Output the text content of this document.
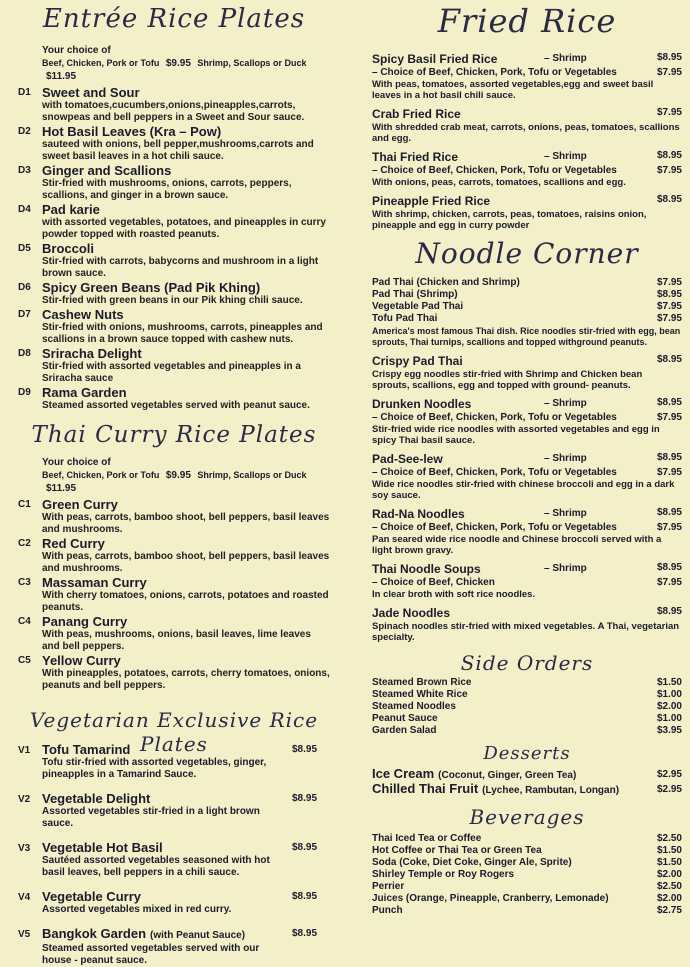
Entrée Rice Plates
Your choice of
Beef, Chicken, Pork or Tofu $9.95 Shrimp, Scallops or Duck $11.95
D1 Sweet and Sour
with tomatoes,cucumbers,onions,pineapples,carrots, snowpeas and bell peppers in a Sweet and Sour sauce.
D2 Hot Basil Leaves (Kra – Pow)
sauteed with onions, bell pepper,mushrooms,carrots and sweet basil leaves in a hot chili sauce.
D3 Ginger and Scallions
Stir-fried with mushrooms, onions, carrots, peppers, scallions, and ginger in a brown sauce.
D4 Pad karie
with assorted vegetables, potatoes, and pineapples in curry powder topped with roasted peanuts.
D5 Broccoli
Stir-fried with carrots, babycorns and mushroom in a light brown sauce.
D6 Spicy Green Beans (Pad Pik Khing)
Stir-fried with green beans in our Pik khing chili sauce.
D7 Cashew Nuts
Stir-fried with onions, mushrooms, carrots, pineapples and scallions in a brown sauce topped with cashew nuts.
D8 Sriracha Delight
Stir-fried with assorted vegetables and pineapples in a Sriracha sauce
D9 Rama Garden
Steamed assorted vegetables served with peanut sauce.
Thai Curry Rice Plates
Your choice of
Beef, Chicken, Pork or Tofu $9.95 Shrimp, Scallops or Duck $11.95
C1 Green Curry
With peas, carrots, bamboo shoot, bell peppers, basil leaves and mushrooms.
C2 Red Curry
With peas, carrots, bamboo shoot, bell peppers, basil leaves and mushrooms.
C3 Massaman Curry
With cherry tomatoes, onions, carrots, potatoes and roasted peanuts.
C4 Panang Curry
With peas, mushrooms, onions, basil leaves, lime leaves and bell peppers.
C5 Yellow Curry
With pineapples, potatoes, carrots, cherry tomatoes, onions, peanuts and bell peppers.
Vegetarian Exclusive Rice Plates
V1 Tofu Tamarind
Tofu stir-fried with assorted vegetables, ginger, pineapples in a Tamarind Sauce.
$8.95
V2 Vegetable Delight
Assorted vegetables stir-fried in a light brown sauce.
$8.95
V3 Vegetable Hot Basil
Sautéed assorted vegetables seasoned with hot basil leaves, bell peppers in a chili sauce.
$8.95
V4 Vegetable Curry
Assorted vegetables mixed in red curry.
$8.95
V5 Bangkok Garden (with Peanut Sauce)
Steamed assorted vegetables served with our house - peanut sauce.
$8.95
Fried Rice
Spicy Basil Fried Rice	– Shrimp	$8.95
– Choice of Beef, Chicken, Pork, Tofu or Vegetables	$7.95
With peas, tomatoes, assorted vegetables,egg and sweet basil leaves in a hot basil chili sauce.
Crab Fried Rice	$7.95
With shredded crab meat, carrots, onions, peas, tomatoes, scallions and egg.
Thai Fried Rice	– Shrimp	$8.95
– Choice of Beef, Chicken, Pork, Tofu or Vegetables	$7.95
With onions, peas, carrots, tomatoes, scallions and egg.
Pineapple Fried Rice	$8.95
With shrimp, chicken, carrots, peas, tomatoes, raisins onion, pineapple and egg in curry powder
Noodle Corner
Pad Thai (Chicken and Shrimp)	$7.95
Pad Thai (Shrimp)	$8.95
Vegetable Pad Thai	$7.95
Tofu Pad Thai	$7.95
America's most famous Thai dish. Rice noodles stir-fried with egg, bean sprouts, Thai turnips, scallions and topped withground peanuts.
Crispy Pad Thai	$8.95
Crispy egg noodles stir-fried with Shrimp and Chicken bean sprouts, scallions, egg and topped with ground- peanuts.
Drunken Noodles	– Shrimp	$8.95
– Choice of Beef, Chicken, Pork, Tofu or Vegetables	$7.95
Stir-fried wide rice noodles with assorted vegetables and egg in spicy Thai basil sauce.
Pad-See-lew	– Shrimp	$8.95
– Choice of Beef, Chicken, Pork, Tofu or Vegetables	$7.95
Wide rice noodles stir-fried with chinese broccoli and egg in a dark soy sauce.
Rad-Na Noodles	– Shrimp	$8.95
– Choice of Beef, Chicken, Pork, Tofu or Vegetables	$7.95
Pan seared wide rice noodle and Chinese broccoli served with a light brown gravy.
Thai Noodle Soups	– Shrimp	$8.95
– Choice of Beef, Chicken	$7.95
In clear broth with soft rice noodles.
Jade Noodles	$8.95
Spinach noodles stir-fried with mixed vegetables. A Thai, vegetarian specialty.
Side Orders
Steamed Brown Rice	$1.50
Steamed White Rice	$1.00
Steamed Noodles	$2.00
Peanut Sauce	$1.00
Garden Salad	$3.95
Desserts
Ice Cream (Coconut, Ginger, Green Tea)	$2.95
Chilled Thai Fruit (Lychee, Rambutan, Longan)	$2.95
Beverages
Thai Iced Tea or Coffee	$2.50
Hot Coffee or Thai Tea or Green Tea	$1.50
Soda (Coke, Diet Coke, Ginger Ale, Sprite)	$1.50
Shirley Temple or Roy Rogers	$2.00
Perrier	$2.50
Juices (Orange, Pineapple, Cranberry, Lemonade)	$2.00
Punch	$2.75
